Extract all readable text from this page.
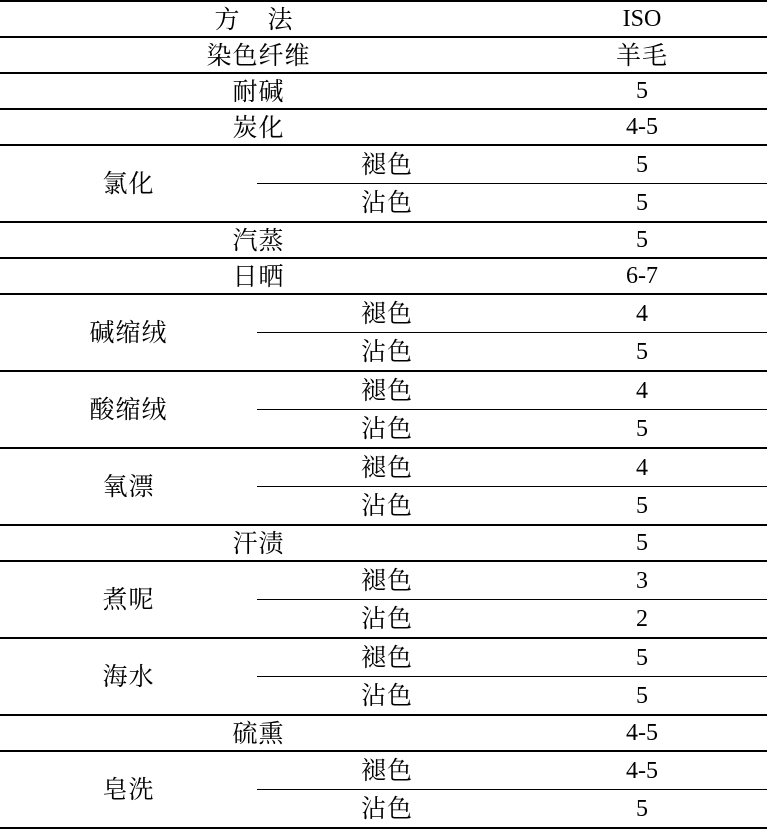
方 法		ISO
染色纤维		羊毛
耐碱		5
炭化		4-5
氯化	褪色	5
	沾色	5
汽蒸		5
日晒		6-7
碱缩绒	褪色	4
	沾色	5
酸缩绒	褪色	4
	沾色	5
氧漂	褪色	4
	沾色	5
汗渍		5
煮呢	褪色	3
	沾色	2
海水	褪色	5
	沾色	5
硫熏		4-5
皂洗	褪色	4-5
	沾色	5
